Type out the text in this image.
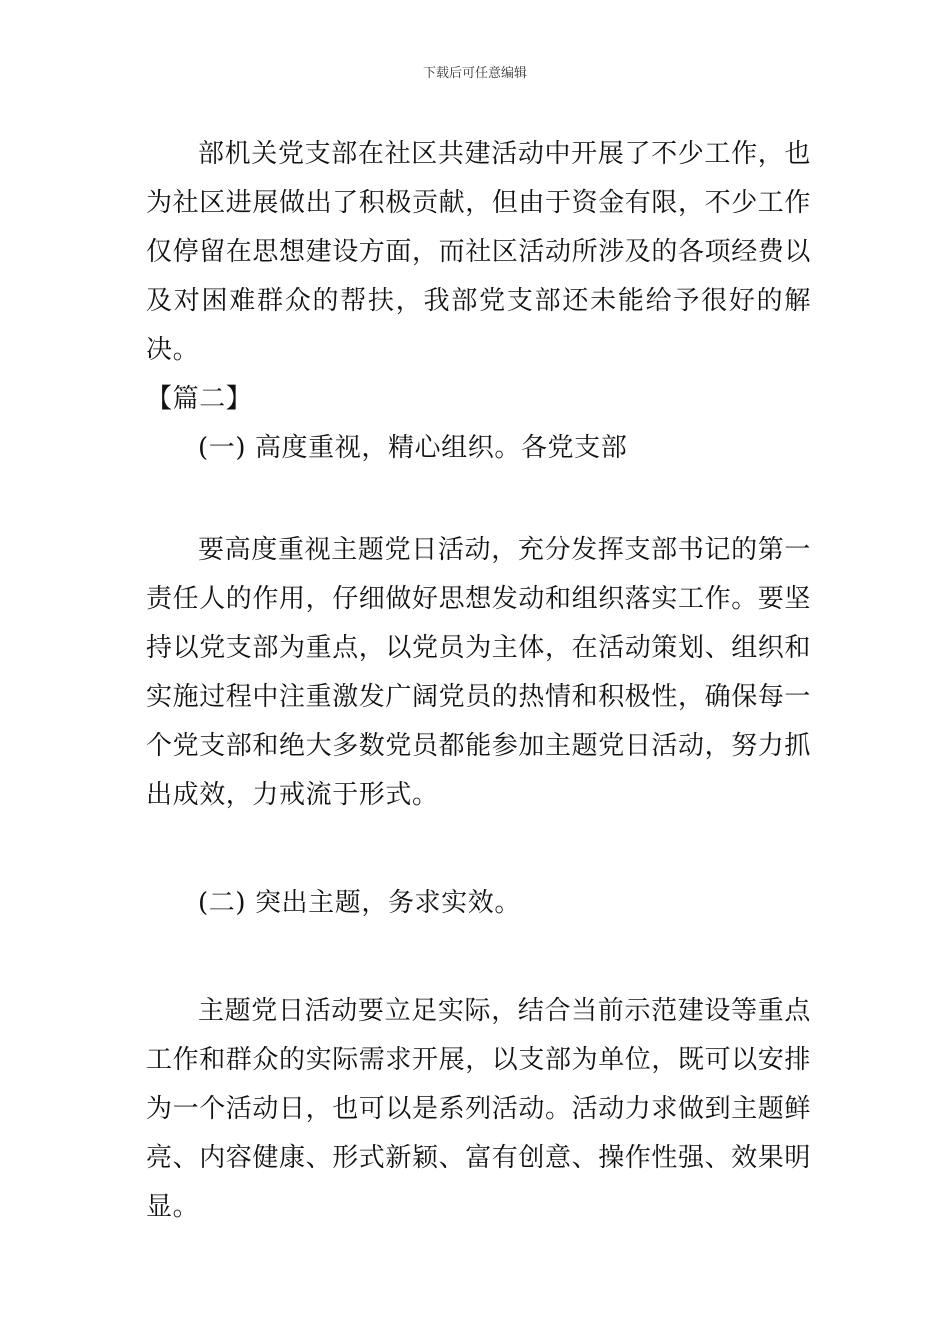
下载后可任意编辑

部机关党支部在社区共建活动中开展了不少工作，也为社区进展做出了积极贡献，但由于资金有限，不少工作仅停留在思想建设方面，而社区活动所涉及的各项经费以及对困难群众的帮扶，我部党支部还未能给予很好的解决。

【篇二】

(一) 高度重视，精心组织。各党支部

要高度重视主题党日活动，充分发挥支部书记的第一责任人的作用，仔细做好思想发动和组织落实工作。要坚持以党支部为重点，以党员为主体，在活动策划、组织和实施过程中注重激发广阔党员的热情和积极性，确保每一个党支部和绝大多数党员都能参加主题党日活动，努力抓出成效，力戒流于形式。

(二) 突出主题，务求实效。

主题党日活动要立足实际，结合当前示范建设等重点工作和群众的实际需求开展，以支部为单位，既可以安排为一个活动日，也可以是系列活动。活动力求做到主题鲜亮、内容健康、形式新颖、富有创意、操作性强、效果明显。
